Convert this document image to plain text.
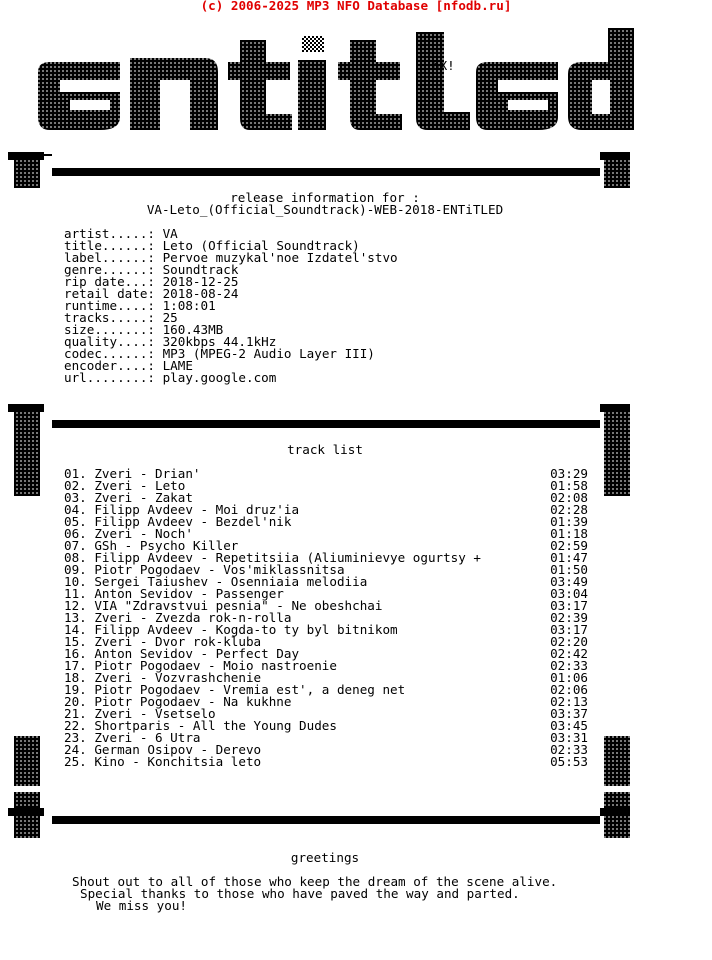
(c) 2006-2025 MP3 NFO Database [nfodb.ru]
hX!
release information for :
VA-Leto_(Official_Soundtrack)-WEB-2018-ENTiTLED
artist.....: VA
title......: Leto (Official Soundtrack)
label......: Pervoe muzykal'noe Izdatel'stvo
genre......: Soundtrack
rip date...: 2018-12-25
retail date: 2018-08-24
runtime....: 1:08:01
tracks.....: 25
size.......: 160.43MB
quality....: 320kbps 44.1kHz
codec......: MP3 (MPEG-2 Audio Layer III)
encoder....: LAME
url........: play.google.com
track list
01. Zveri - Drian'	03:29
02. Zveri - Leto	01:58
03. Zveri - Zakat	02:08
04. Filipp Avdeev - Moi druz'ia	02:28
05. Filipp Avdeev - Bezdel'nik	01:39
06. Zveri - Noch'	01:18
07. GSh - Psycho Killer	02:59
08. Filipp Avdeev - Repetitsiia (Aliuminievye ogurtsy +	01:47
09. Piotr Pogodaev - Vos'miklassnitsa	01:50
10. Sergei Taiushev - Osenniaia melodiia	03:49
11. Anton Sevidov - Passenger	03:04
12. VIA "Zdravstvui pesnia" - Ne obeshchai	03:17
13. Zveri - Zvezda rok-n-rolla	02:39
14. Filipp Avdeev - Kogda-to ty byl bitnikom	03:17
15. Zveri - Dvor rok-kluba	02:20
16. Anton Sevidov - Perfect Day	02:42
17. Piotr Pogodaev - Moio nastroenie	02:33
18. Zveri - Vozvrashchenie	01:06
19. Piotr Pogodaev - Vremia est', a deneg net	02:06
20. Piotr Pogodaev - Na kukhne	02:13
21. Zveri - Vsetselo	03:37
22. Shortparis - All the Young Dudes	03:45
23. Zveri - 6 Utra	03:31
24. German Osipov - Derevo	02:33
25. Kino - Konchitsia leto	05:53
greetings
Shout out to all of those who keep the dream of the scene alive.
Special thanks to those who have paved the way and parted.
We miss you!
